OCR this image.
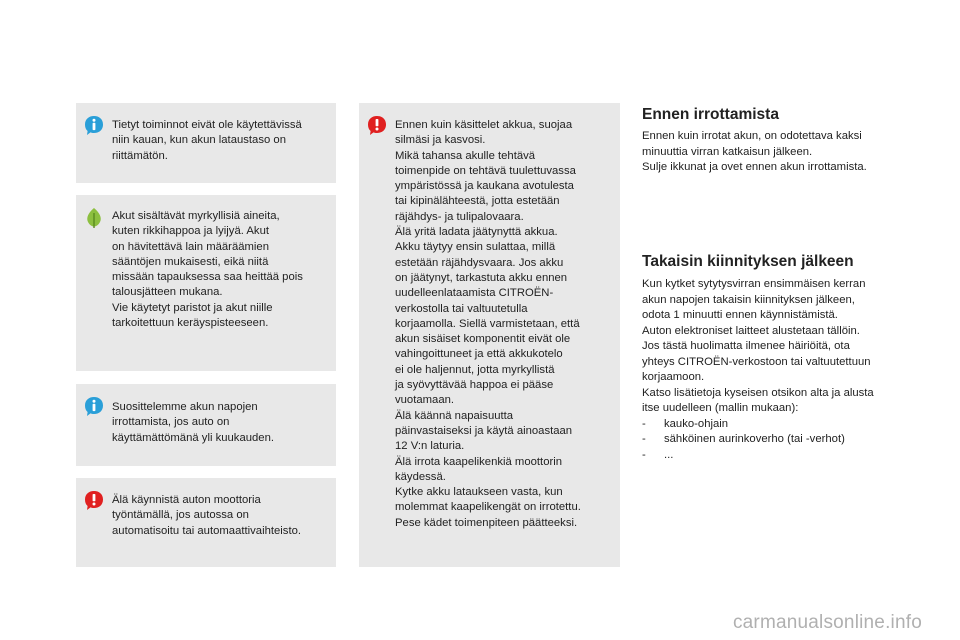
Tietyt toiminnot eivät ole käytettävissä
niin kauan, kun akun lataustaso on
riittämätön.
Akut sisältävät myrkyllisiä aineita,
kuten rikkihappoa ja lyijyä. Akut
on hävitettävä lain määräämien
sääntöjen mukaisesti, eikä niitä
missään tapauksessa saa heittää pois
talousjätteen mukana.
Vie käytetyt paristot ja akut niille
tarkoitettuun keräyspisteeseen.
Suosittelemme akun napojen
irrottamista, jos auto on
käyttämättömänä yli kuukauden.
Älä käynnistä auton moottoria
työntämällä, jos autossa on
automatisoitu tai automaattivaihteisto.
Ennen kuin käsittelet akkua, suojaa
silmäsi ja kasvosi.
Mikä tahansa akulle tehtävä
toimenpide on tehtävä tuulettuvassa
ympäristössä ja kaukana avotulesta
tai kipinälähteestä, jotta estetään
räjähdys- ja tulipalovaara.
Älä yritä ladata jäätynyttä akkua.
Akku täytyy ensin sulattaa, millä
estetään räjähdysvaara. Jos akku
on jäätynyt, tarkastuta akku ennen
uudelleenlataamista CITROËN-
verkostolla tai valtuutetulla
korjaamolla. Siellä varmistetaan, että
akun sisäiset komponentit eivät ole
vahingoittuneet ja että akkukotelo
ei ole haljennut, jotta myrkyllistä
ja syövyttävää happoa ei pääse
vuotamaan.
Älä käännä napaisuutta
päinvastaiseksi ja käytä ainoastaan
12 V:n laturia.
Älä irrota kaapelikenkiä moottorin
käydessä.
Kytke akku lataukseen vasta, kun
molemmat kaapelikengät on irrotettu.
Pese kädet toimenpiteen päätteeksi.
Ennen irrottamista
Ennen kuin irrotat akun, on odotettava kaksi
minuuttia virran katkaisun jälkeen.
Sulje ikkunat ja ovet ennen akun irrottamista.
Takaisin kiinnityksen jälkeen
Kun kytket sytytysvirran ensimmäisen kerran
akun napojen takaisin kiinnityksen jälkeen,
odota 1 minuutti ennen käynnistämistä.
Auton elektroniset laitteet alustetaan tällöin.
Jos tästä huolimatta ilmenee häiriöitä, ota
yhteys CITROËN-verkostoon tai valtuutettuun
korjaamoon.
Katso lisätietoja kyseisen otsikon alta ja alusta
itse uudelleen (mallin mukaan):
-	kauko-ohjain
-	sähköinen aurinkoverho (tai -verhot)
-	...
carmanualsonline.info
